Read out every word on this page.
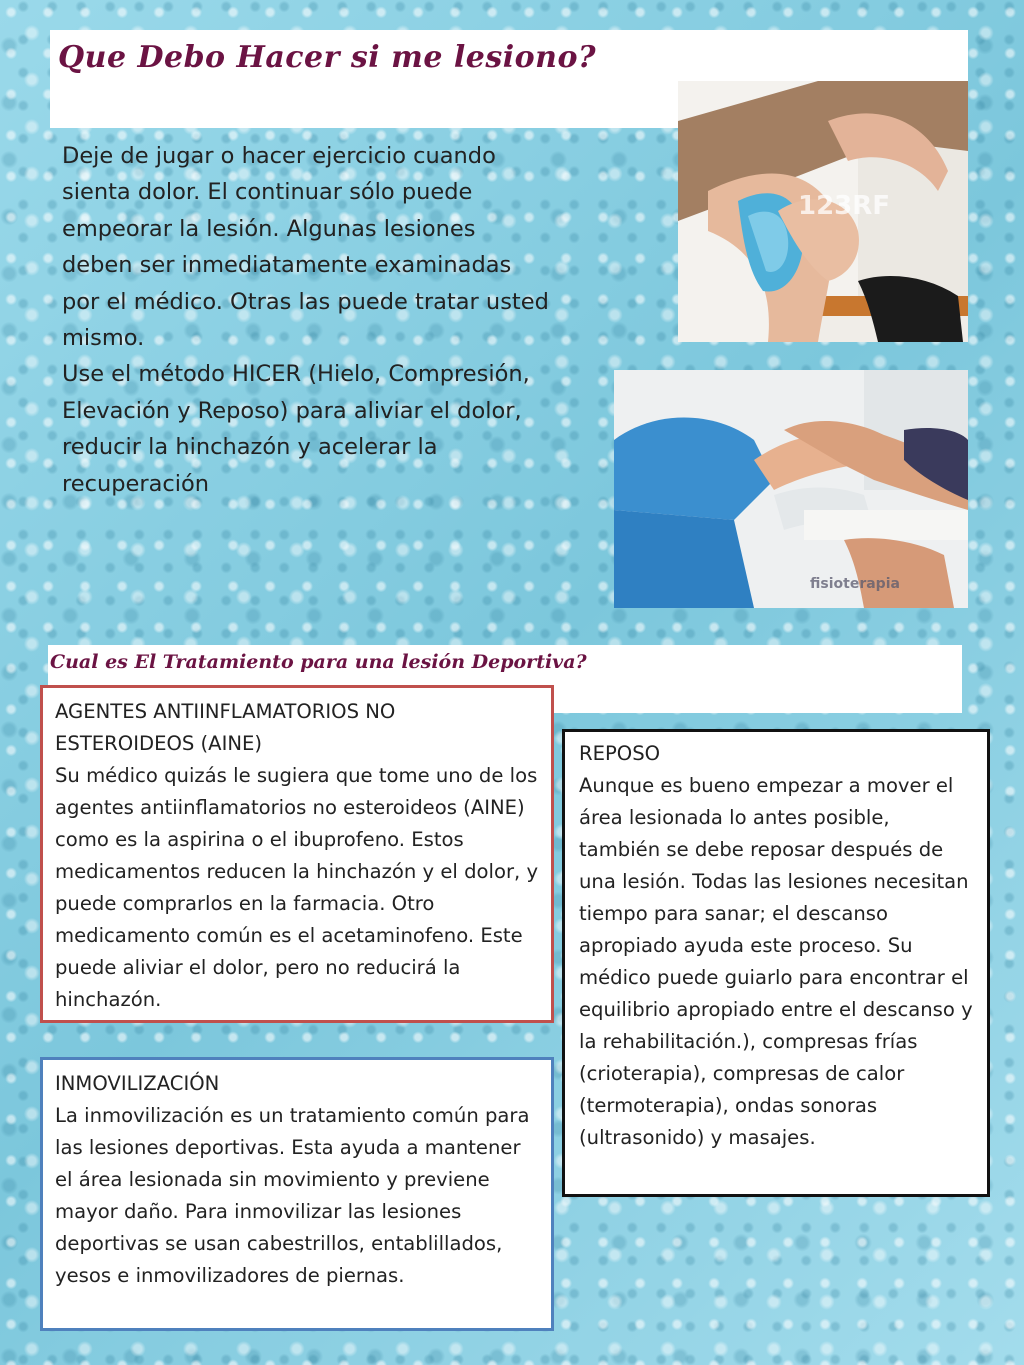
Que Debo Hacer si me lesiono?

Deje de jugar o hacer ejercicio cuando sienta dolor. El continuar sólo puede empeorar la lesión. Algunas lesiones deben ser inmediatamente examinadas por el médico. Otras las puede tratar usted mismo.

Use el método HICER (Hielo, Compresión, Elevación y Reposo) para aliviar el dolor, reducir la hinchazón y acelerar la recuperación

123RF
fisioterapia
Cual es El Tratamiento para una lesión Deportiva?
AGENTES ANTIINFLAMATORIOS NO ESTEROIDEOS (AINE)

Su médico quizás le sugiera que tome uno de los agentes antiinflamatorios no esteroideos (AINE) como es la aspirina o el ibuprofeno. Estos medicamentos reducen la hinchazón y el dolor, y puede comprarlos en la farmacia. Otro medicamento común es el acetaminofeno. Este puede aliviar el dolor, pero no reducirá la hinchazón.

REPOSO

Aunque es bueno empezar a mover el área lesionada lo antes posible, también se debe reposar después de una lesión. Todas las lesiones necesitan tiempo para sanar; el descanso apropiado ayuda este proceso. Su médico puede guiarlo para encontrar el equilibrio apropiado entre el descanso y la rehabilitación.), compresas frías (crioterapia), compresas de calor (termoterapia), ondas sonoras (ultrasonido) y masajes.

INMOVILIZACIÓN

La inmovilización es un tratamiento común para las lesiones deportivas. Esta ayuda a mantener el área lesionada sin movimiento y previene mayor daño. Para inmovilizar las lesiones deportivas se usan cabestrillos, entablillados, yesos e inmovilizadores de piernas.
